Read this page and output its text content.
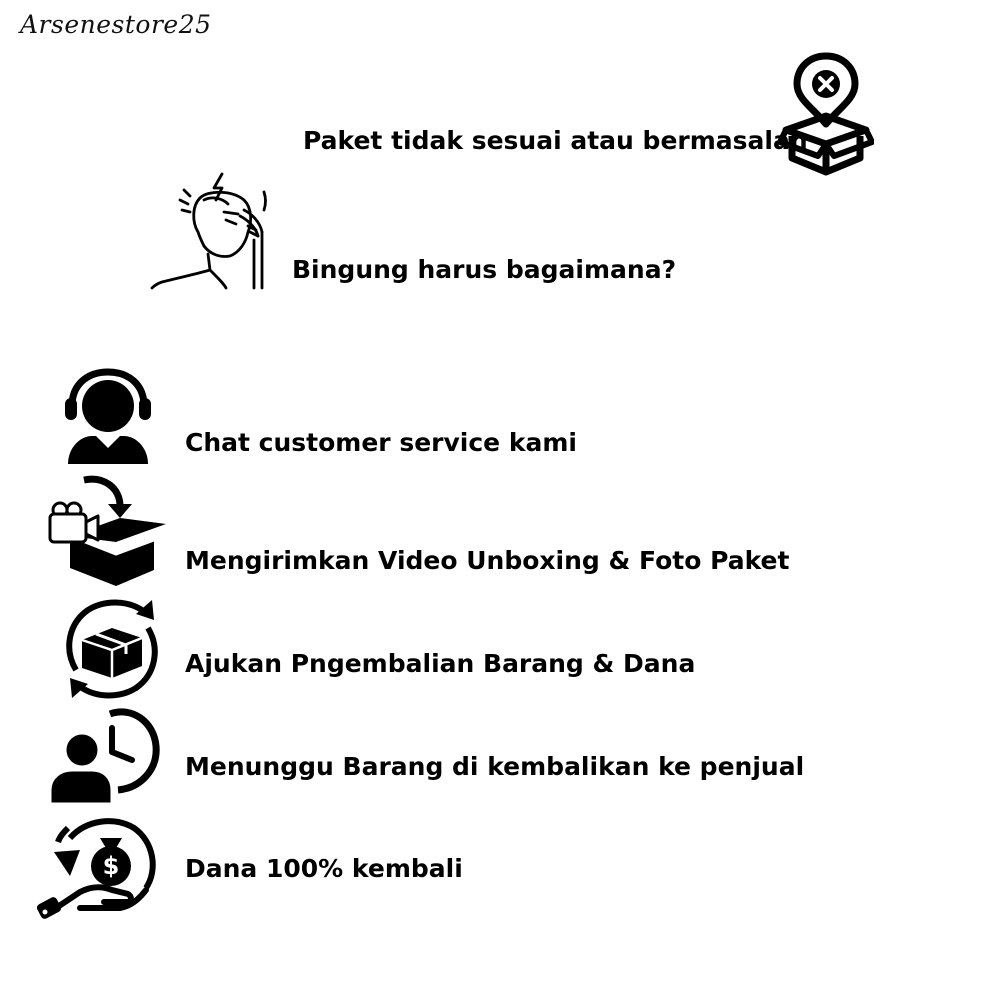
Arsenestore25
Paket tidak sesuai atau bermasalah
Bingung harus bagaimana?
Chat customer service kami
Mengirimkan Video Unboxing & Foto Paket
Ajukan Pngembalian Barang & Dana
Menunggu Barang di kembalikan ke penjual
$	Dana 100% kembali
